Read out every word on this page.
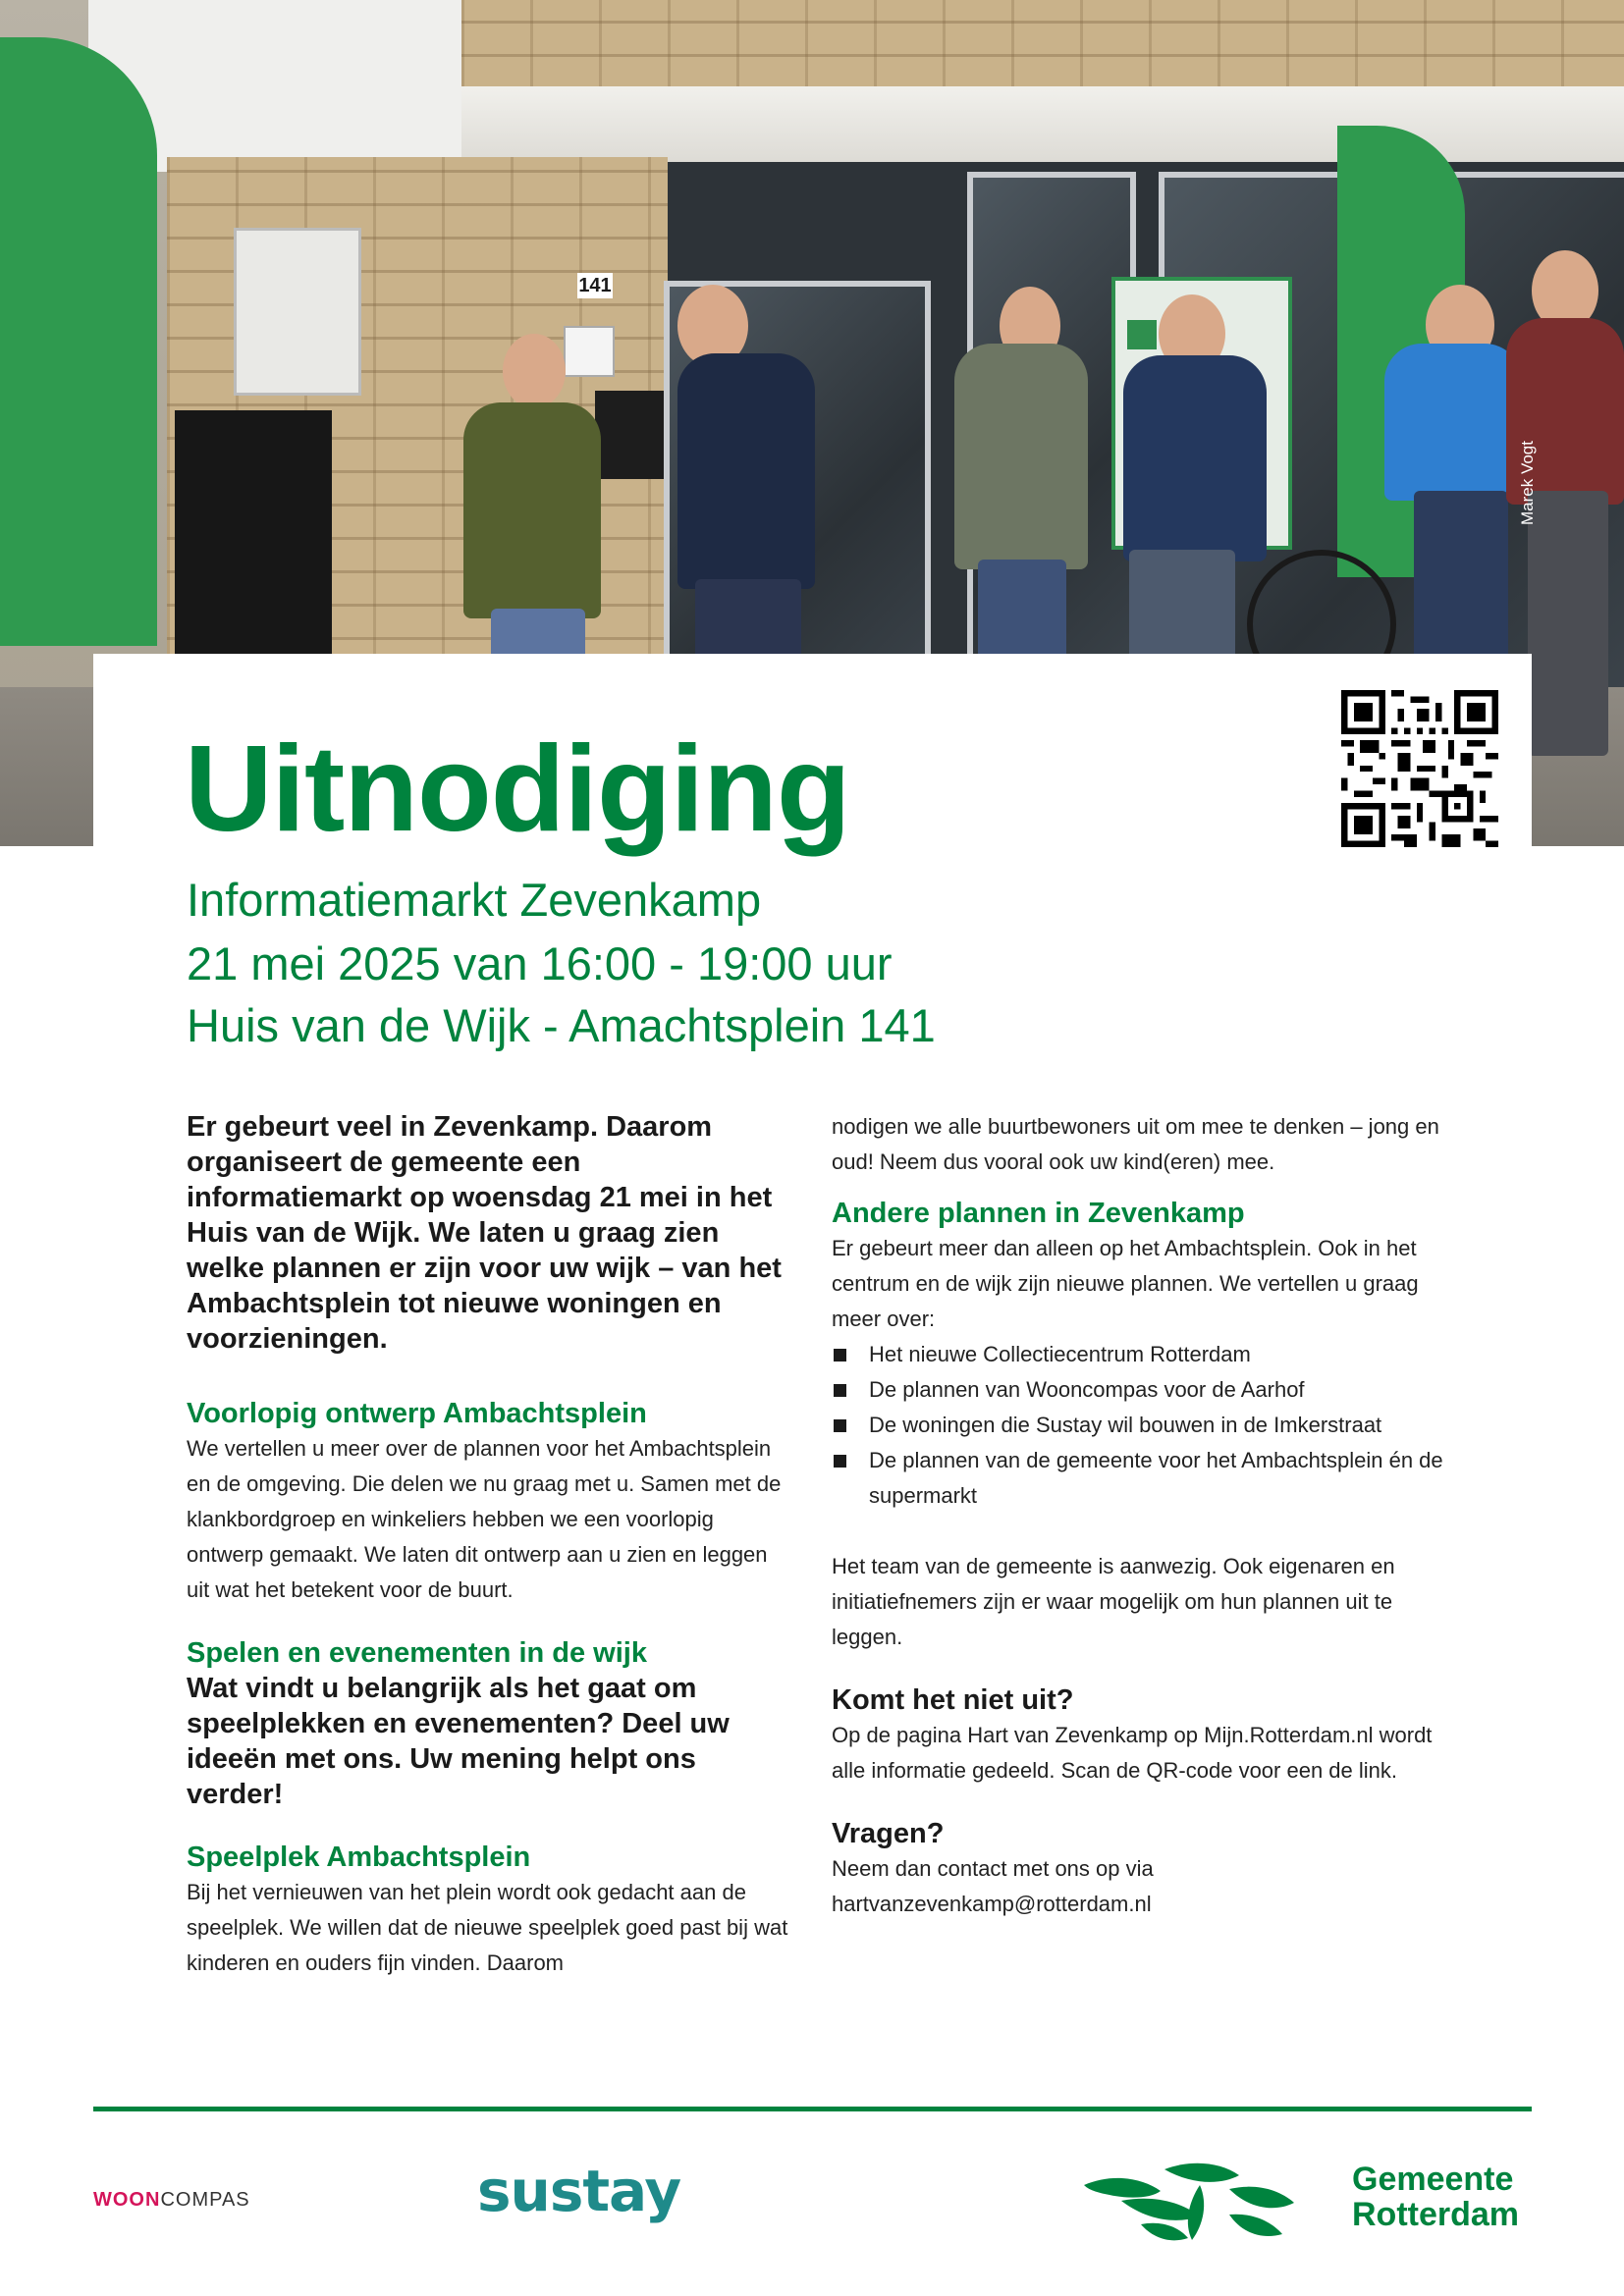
141
Marek Vogt
Uitnodiging
Informatiemarkt Zevenkamp
21 mei 2025 van 16:00 - 19:00 uur
Huis van de Wijk - Amachtsplein 141

Er gebeurt veel in Zevenkamp. Daarom organiseert de gemeente een informatiemarkt op woensdag 21 mei in het Huis van de Wijk. We laten u graag zien welke plannen er zijn voor uw wijk – van het Ambachtsplein tot nieuwe woningen en voorzieningen.

Voorlopig ontwerp Ambachtsplein

We vertellen u meer over de plannen voor het Ambachtsplein en de omgeving. Die delen we nu graag met u. Samen met de klankbordgroep en winkeliers hebben we een voorlopig ontwerp gemaakt. We laten dit ontwerp aan u zien en leggen uit wat het betekent voor de buurt.

Spelen en evenementen in de wijk

Wat vindt u belangrijk als het gaat om speelplekken en evenementen? Deel uw ideeën met ons. Uw mening helpt ons verder!

Speelplek Ambachtsplein

Bij het vernieuwen van het plein wordt ook gedacht aan de speelplek. We willen dat de nieuwe speelplek goed past bij wat kinderen en ouders fijn vinden. Daarom

nodigen we alle buurtbewoners uit om mee te denken – jong en oud! Neem dus vooral ook uw kind(eren) mee.

Andere plannen in Zevenkamp

Er gebeurt meer dan alleen op het Ambachtsplein. Ook in het centrum en de wijk zijn nieuwe plannen. We vertellen u graag meer over:

Het nieuwe Collectiecentrum Rotterdam
De plannen van Wooncompas voor de Aarhof
De woningen die Sustay wil bouwen in de Imkerstraat
De plannen van de gemeente voor het Ambachtsplein én de supermarkt

Het team van de gemeente is aanwezig. Ook eigenaren en initiatiefnemers zijn er waar mogelijk om hun plannen uit te leggen.

Komt het niet uit?

Op de pagina Hart van Zevenkamp op Mijn.Rotterdam.nl wordt alle informatie gedeeld. Scan de QR-code voor een de link.

Vragen?

Neem dan contact met ons op via

hartvanzevenkamp@rotterdam.nl

WOONCOMPAS	sustay	Gemeente
Rotterdam
